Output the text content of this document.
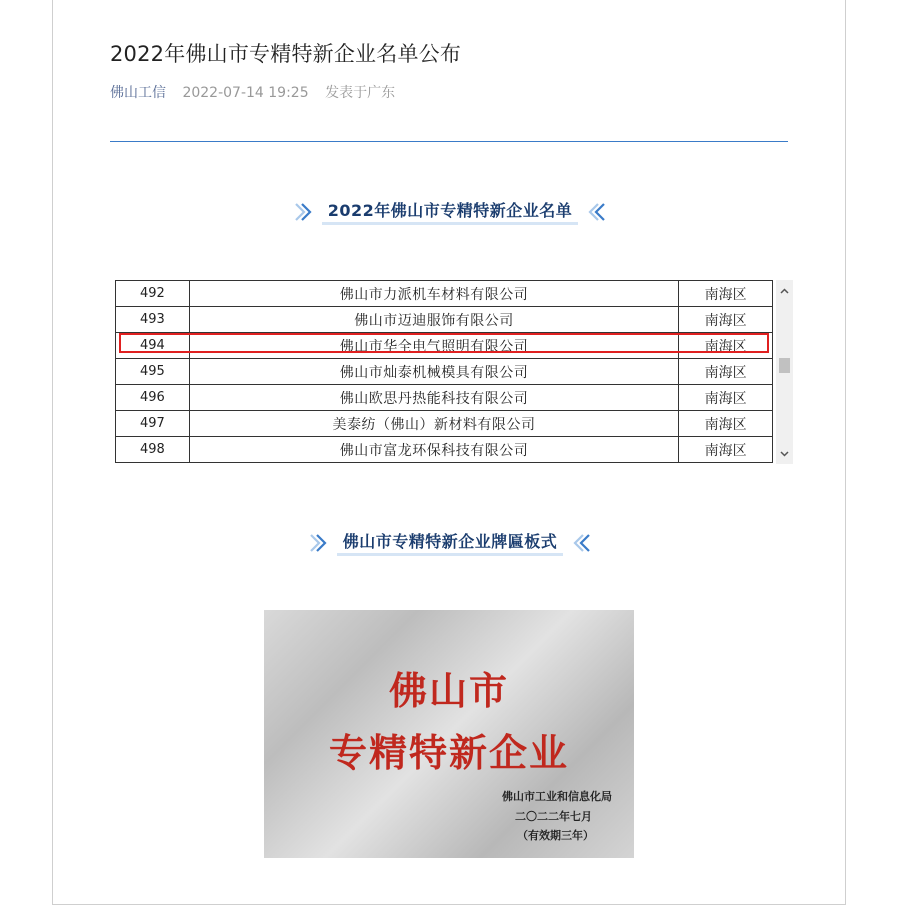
2022年佛山市专精特新企业名单公布
佛山工信 2022-07-14 19:25 发表于广东
2022年佛山市专精特新企业名单
492	佛山市力派机车材料有限公司	南海区
493	佛山市迈迪服饰有限公司	南海区
494	佛山市华全电气照明有限公司	南海区
495	佛山市灿泰机械模具有限公司	南海区
496	佛山欧思丹热能科技有限公司	南海区
497	美泰纺（佛山）新材料有限公司	南海区
498	佛山市富龙环保科技有限公司	南海区
佛山市专精特新企业牌匾板式
佛山市
专精特新企业
佛山市工业和信息化局
二〇二二年七月
（有效期三年）
